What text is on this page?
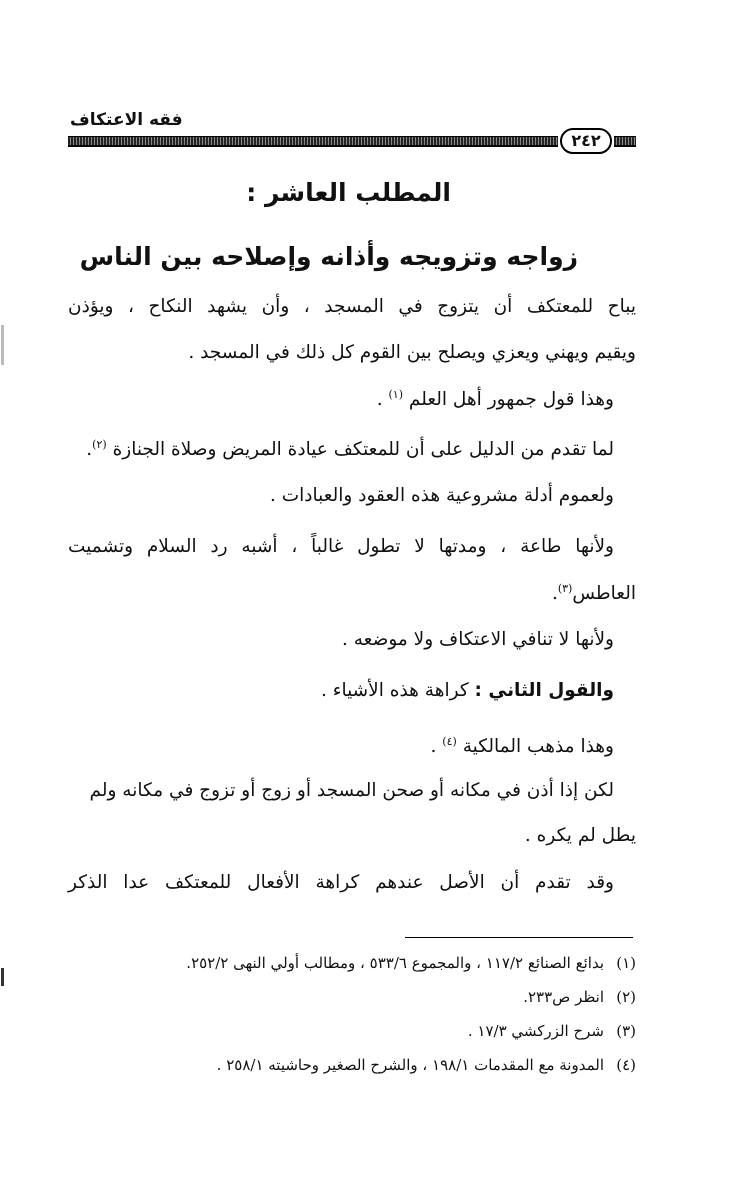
فقه الاعتكاف
٢٤٢
المطلب العاشر :
زواجه وتزويجه وأذانه وإصلاحه بين الناس
يباح للمعتكف أن يتزوج في المسجد ، وأن يشهد النكاح ، ويؤذن
ويقيم ويهني ويعزي ويصلح بين القوم كل ذلك في المسجد .
وهذا قول جمهور أهل العلم $^{(١)}$ .
لما تقدم من الدليل على أن للمعتكف عيادة المريض وصلاة الجنازة $^{(٢)}$.
ولعموم أدلة مشروعية هذه العقود والعبادات .
ولأنها طاعة ، ومدتها لا تطول غالباً ، أشبه رد السلام وتشميت
العاطس$^{(٣)}$.
ولأنها لا تنافي الاعتكاف ولا موضعه .
والقول الثاني : كراهة هذه الأشياء .
وهذا مذهب المالكية $^{(٤)}$ .
لكن إذا أذن في مكانه أو صحن المسجد أو زوج أو تزوج في مكانه ولم
يطل لم يكره .
وقد تقدم أن الأصل عندهم كراهة الأفعال للمعتكف عدا الذكر
(١)بدائع الصنائع ١١٧/٢ ، والمجموع ٥٣٣/٦ ، ومطالب أولي النهى ٢٥٢/٢.
(٢)انظر ص٢٣٣.
(٣)شرح الزركشي ١٧/٣ .
(٤)المدونة مع المقدمات ١٩٨/١ ، والشرح الصغير وحاشيته ٢٥٨/١ .
